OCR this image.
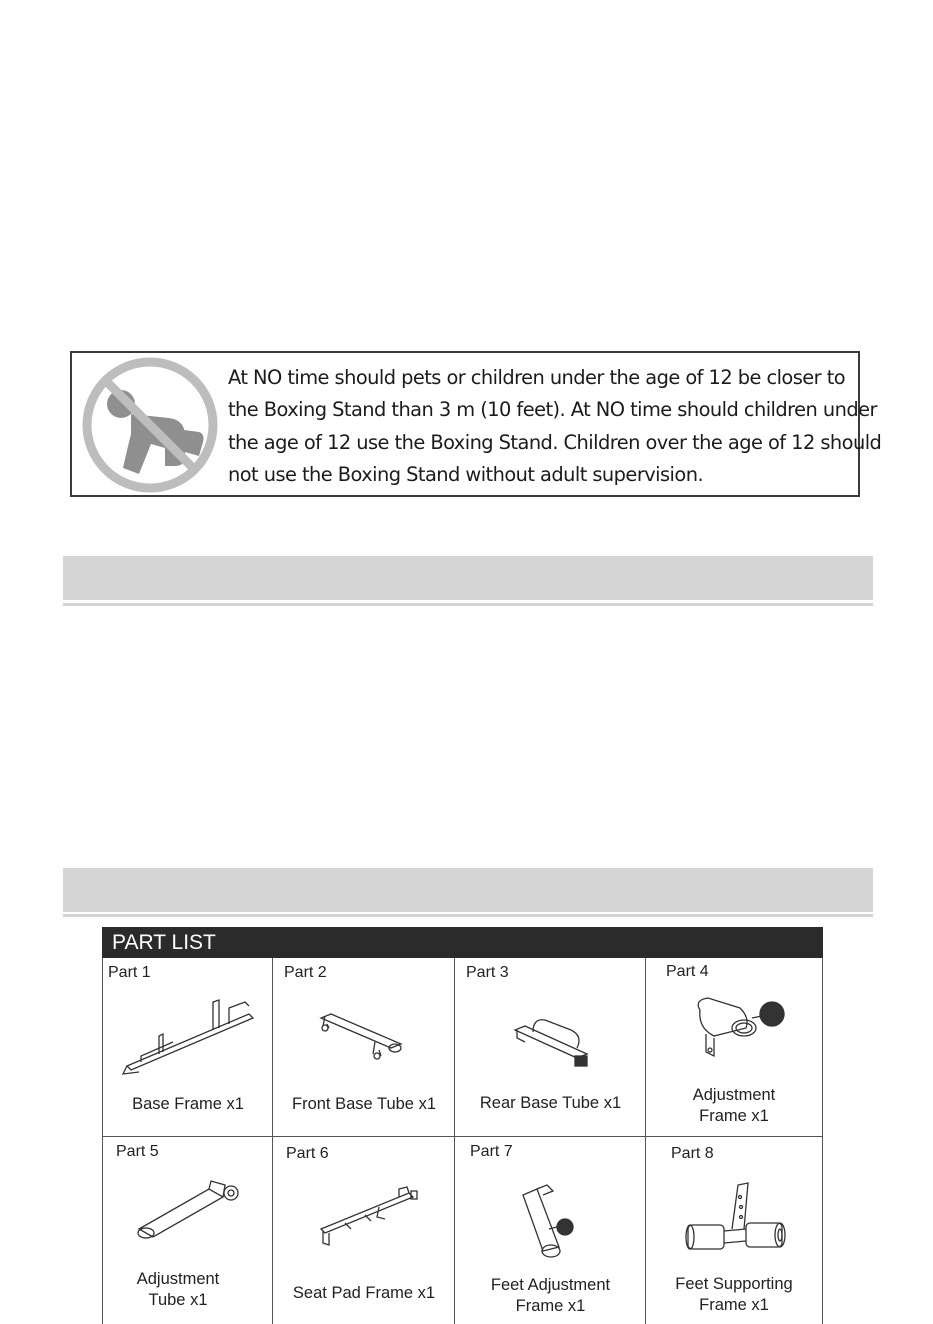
At NO time should pets or children under the age of 12 be closer to
the Boxing Stand than 3 m (10 feet). At NO time should children under
the age of 12 use the Boxing Stand. Children over the age of 12 should
not use the Boxing Stand without adult supervision.
PART LIST
Part 1
Base Frame x1
Part 2
Front Base Tube x1
Part 3
Rear Base Tube x1
Part 4
Adjustment
Frame x1
Part 5
Adjustment
Tube x1
Part 6
Seat Pad Frame x1
Part 7
Feet Adjustment
Frame x1
Part 8
Feet Supporting
Frame x1
